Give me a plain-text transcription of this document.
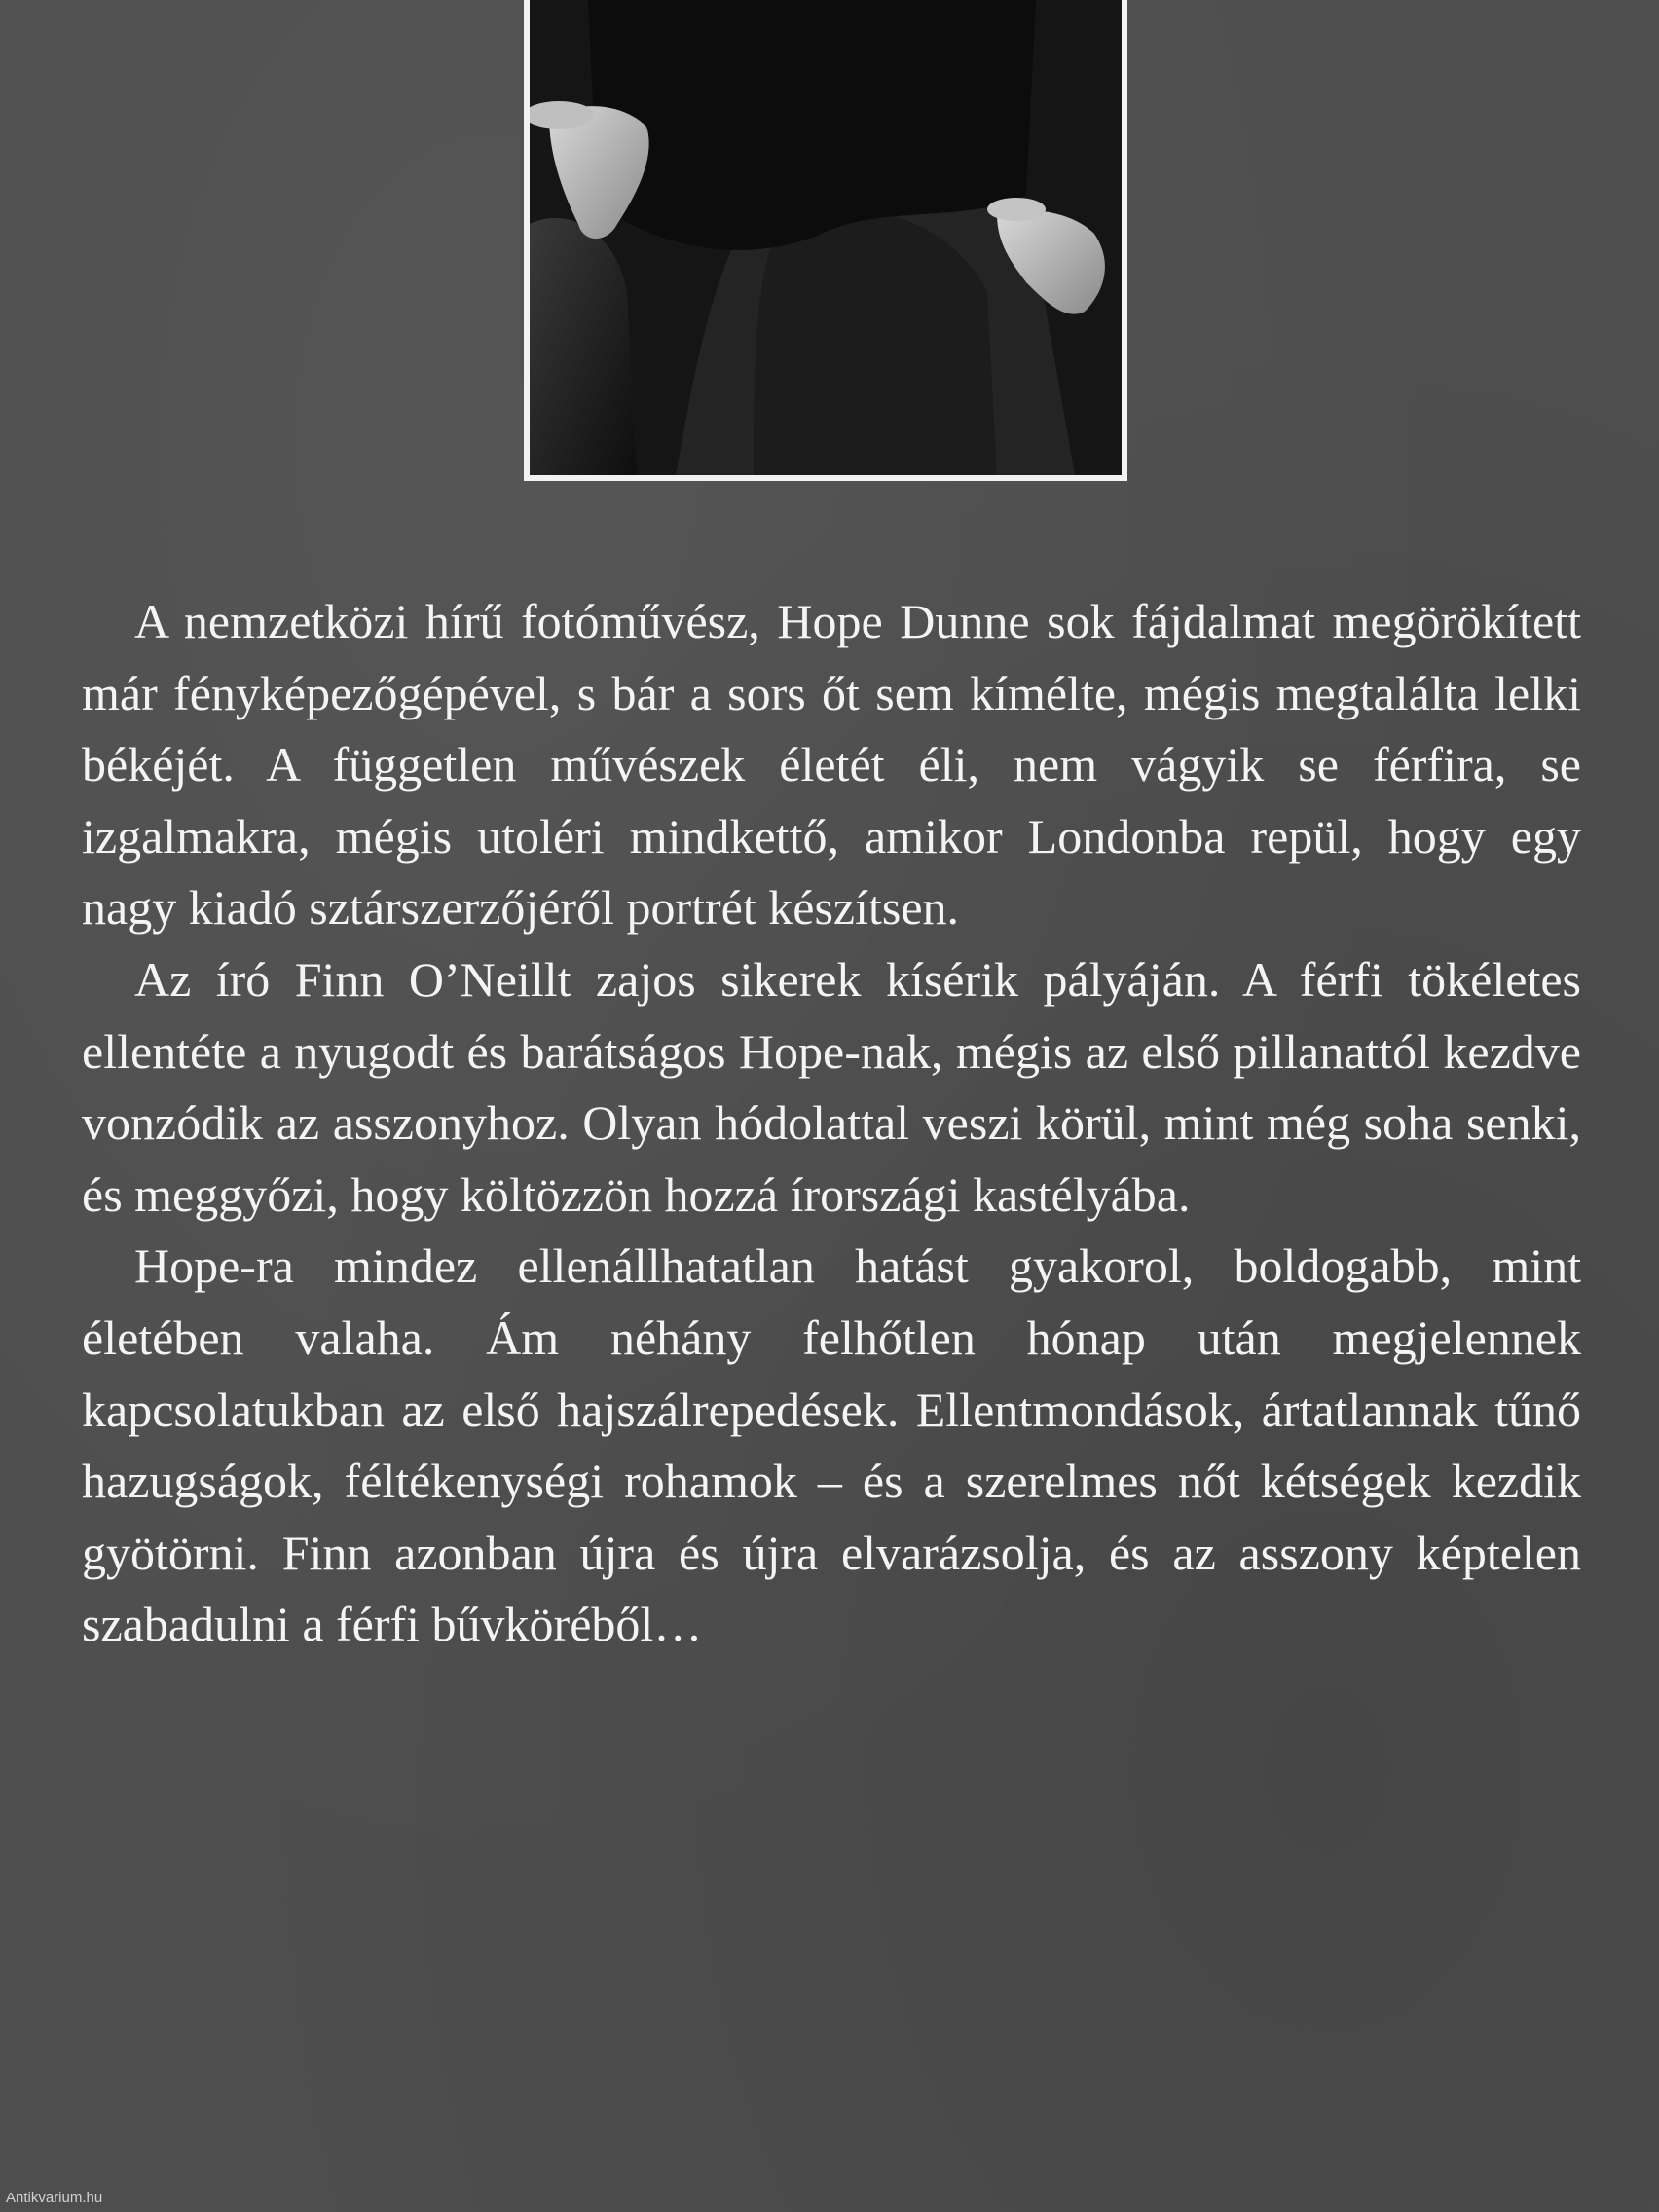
A nemzetközi hírű fotóművész, Hope Dunne sok fájdalmat megörökített már fényképezőgépével, s bár a sors őt sem kímélte, mégis megtalálta lelki békéjét. A független művészek életét éli, nem vágyik se férfira, se izgalmakra, mégis utoléri mindkettő, amikor Londonba repül, hogy egy nagy kiadó sztárszerzőjéről portrét készítsen.

Az író Finn O’Neillt zajos sikerek kísérik pályáján. A férfi tökéletes ellentéte a nyugodt és barátságos Hope-nak, mégis az első pillanattól kezdve vonzódik az asszonyhoz. Olyan hódolattal veszi körül, mint még soha senki, és meggyőzi, hogy költözzön hozzá írországi kastélyába.

Hope-ra mindez ellenállhatatlan hatást gyakorol, boldogabb, mint életében valaha. Ám néhány felhőtlen hónap után megjelennek kapcsolatukban az első hajszálrepedések. Ellentmondások, ártatlannak tűnő hazugságok, féltékenységi rohamok – és a szerelmes nőt kétségek kezdik gyötörni. Finn azonban újra és újra elvarázsolja, és az asszony képtelen szabadulni a férfi bűvköréből…

Antikvarium.hu
